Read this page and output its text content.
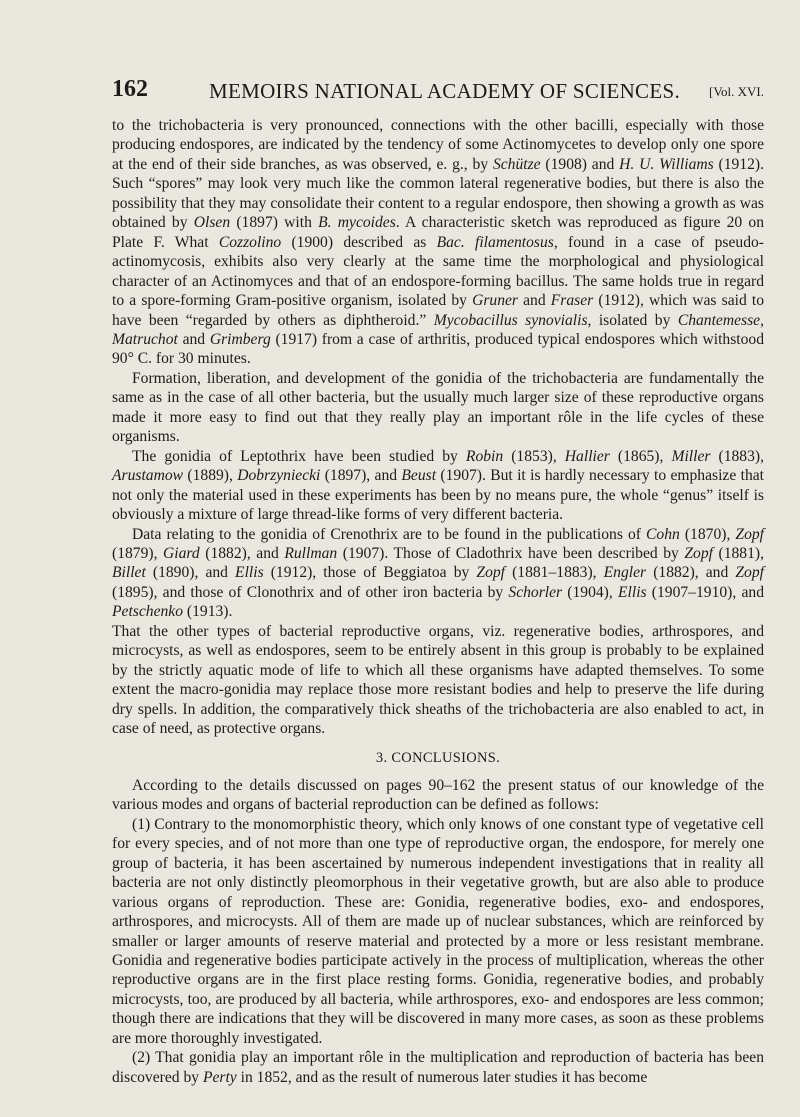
162	MEMOIRS NATIONAL ACADEMY OF SCIENCES. [Vol. XVI.

to the trichobacteria is very pronounced, connections with the other bacilli, especially with those producing endospores, are indicated by the tendency of some Actinomycetes to develop only one spore at the end of their side branches, as was observed, e. g., by Schütze (1908) and H. U. Williams (1912). Such “spores” may look very much like the common lateral regenerative bodies, but there is also the possibility that they may consolidate their content to a regular endospore, then showing a growth as was obtained by Olsen (1897) with B. mycoides. A characteristic sketch was reproduced as figure 20 on Plate F. What Cozzolino (1900) described as Bac. filamentosus, found in a case of pseudo-actinomycosis, exhibits also very clearly at the same time the morphological and physiological character of an Actinomyces and that of an endospore-forming bacillus. The same holds true in regard to a spore-forming Gram-positive organism, isolated by Gruner and Fraser (1912), which was said to have been “regarded by others as diphtheroid.” Mycobacillus synovialis, isolated by Chantemesse, Matruchot and Grimberg (1917) from a case of arthritis, produced typical endospores which withstood 90° C. for 30 minutes.

Formation, liberation, and development of the gonidia of the trichobacteria are fundamentally the same as in the case of all other bacteria, but the usually much larger size of these reproductive organs made it more easy to find out that they really play an important rôle in the life cycles of these organisms.

The gonidia of Leptothrix have been studied by Robin (1853), Hallier (1865), Miller (1883), Arustamow (1889), Dobrzyniecki (1897), and Beust (1907). But it is hardly necessary to emphasize that not only the material used in these experiments has been by no means pure, the whole “genus” itself is obviously a mixture of large thread-like forms of very different bacteria.

Data relating to the gonidia of Crenothrix are to be found in the publications of Cohn (1870), Zopf (1879), Giard (1882), and Rullman (1907). Those of Cladothrix have been described by Zopf (1881), Billet (1890), and Ellis (1912), those of Beggiatoa by Zopf (1881–1883), Engler (1882), and Zopf (1895), and those of Clonothrix and of other iron bacteria by Schorler (1904), Ellis (1907–1910), and Petschenko (1913).

That the other types of bacterial reproductive organs, viz. regenerative bodies, arthrospores, and microcysts, as well as endospores, seem to be entirely absent in this group is probably to be explained by the strictly aquatic mode of life to which all these organisms have adapted themselves. To some extent the macro-gonidia may replace those more resistant bodies and help to preserve the life during dry spells. In addition, the comparatively thick sheaths of the trichobacteria are also enabled to act, in case of need, as protective organs.

3. CONCLUSIONS.

According to the details discussed on pages 90–162 the present status of our knowledge of the various modes and organs of bacterial reproduction can be defined as follows:

(1) Contrary to the monomorphistic theory, which only knows of one constant type of vegetative cell for every species, and of not more than one type of reproductive organ, the endospore, for merely one group of bacteria, it has been ascertained by numerous independent investigations that in reality all bacteria are not only distinctly pleomorphous in their vegetative growth, but are also able to produce various organs of reproduction. These are: Gonidia, regenerative bodies, exo- and endospores, arthrospores, and microcysts. All of them are made up of nuclear substances, which are reinforced by smaller or larger amounts of reserve material and protected by a more or less resistant membrane. Gonidia and regenerative bodies participate actively in the process of multiplication, whereas the other reproductive organs are in the first place resting forms. Gonidia, regenerative bodies, and probably microcysts, too, are produced by all bacteria, while arthrospores, exo- and endospores are less common; though there are indications that they will be discovered in many more cases, as soon as these problems are more thoroughly investigated.

(2) That gonidia play an important rôle in the multiplication and reproduction of bacteria has been discovered by Perty in 1852, and as the result of numerous later studies it has become
